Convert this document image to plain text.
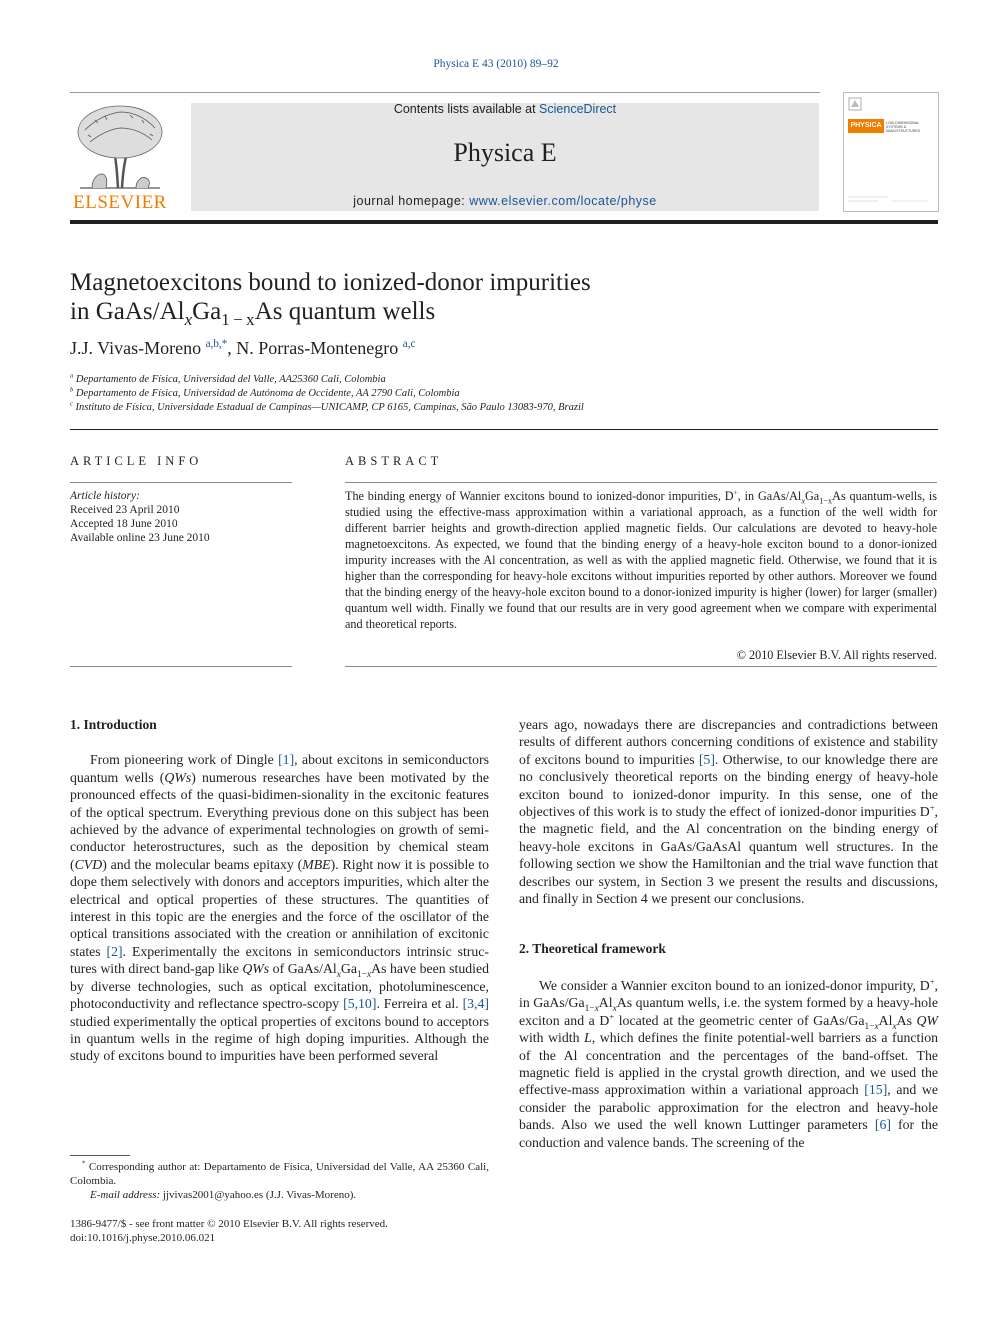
Physica E 43 (2010) 89–92
Contents lists available at ScienceDirect
Physica E
journal homepage: www.elsevier.com/locate/physe
ELSEVIER
PHYSICA	LOW-DIMENSIONAL SYSTEMS & NANOSTRUCTURES
Magnetoexcitons bound to ionized-donor impurities
in GaAs/$Al_xGa_{1 - x}As$ quantum wells
J.J. Vivas-Moreno $^{a,b,*}$, N. Porras-Montenegro $^{a,c}$
$^a$ Departamento de Física, Universidad del Valle, AA25360 Cali, Colombia
$^b$ Departamento de Física, Universidad de Autónoma de Occidente, AA 2790 Cali, Colombia
$^c$ Instituto de Física, Universidade Estadual de Campinas—UNICAMP, CP 6165, Campinas, São Paulo 13083-970, Brazil
ARTICLE INFO
Article history:
Received 23 April 2010
Accepted 18 June 2010
Available online 23 June 2010
ABSTRACT
The binding energy of Wannier excitons bound to ionized-donor impurities, D+, in GaAs/$Al_xGa_{1-x}As$ quantum-wells, is studied using the effective-mass approximation within a variational approach, as a function of the well width for different barrier heights and growth-direction applied magnetic fields. Our calculations are devoted to heavy-hole magnetoexcitons. As expected, we found that the binding energy of a heavy-hole exciton bound to a donor-ionized impurity increases with the Al concentration, as well as with the applied magnetic field. Otherwise, we found that it is higher than the corresponding for heavy-hole excitons without impurities reported by other authors. Moreover we found that the binding energy of the heavy-hole exciton bound to a donor-ionized impurity is higher (lower) for larger (smaller) quantum well width. Finally we found that our results are in very good agreement when we compare with experimental and theoretical reports.
© 2010 Elsevier B.V. All rights reserved.
1. Introduction

From pioneering work of Dingle [1], about excitons in semiconductors quantum wells (QWs) numerous researches have been motivated by the pronounced effects of the quasi-bidimen-sionality in the excitonic features of the optical spectrum. Everything previous done on this subject has been achieved by the advance of experimental technologies on growth of semi-conductor heterostructures, such as the deposition by chemical steam (CVD) and the molecular beams epitaxy (MBE). Right now it is possible to dope them selectively with donors and acceptors impurities, which alter the electrical and optical properties of these structures. The quantities of interest in this topic are the energies and the force of the oscillator of the optical transitions associated with the creation or annihilation of excitonic states [2]. Experimentally the excitons in semiconductors intrinsic struc-tures with direct band-gap like QWs of GaAs/$Al_xGa_{1-x}As$ have been studied by diverse technologies, such as optical excitation, photoluminescence, photoconductivity and reflectance spectro-scopy [5,10]. Ferreira et al. [3,4] studied experimentally the optical properties of excitons bound to acceptors in quantum wells in the regime of high doping impurities. Although the study of excitons bound to impurities have been performed several

years ago, nowadays there are discrepancies and contradictions between results of different authors concerning conditions of existence and stability of excitons bound to impurities [5]. Otherwise, to our knowledge there are no conclusively theoretical reports on the binding energy of heavy-hole exciton bound to ionized-donor impurity. In this sense, one of the objectives of this work is to study the effect of ionized-donor impurities D+, the magnetic field, and the Al concentration on the binding energy of heavy-hole excitons in GaAs/GaAsAl quantum well structures. In the following section we show the Hamiltonian and the trial wave function that describes our system, in Section 3 we present the results and discussions, and finally in Section 4 we present our conclusions.

2. Theoretical framework

We consider a Wannier exciton bound to an ionized-donor impurity, D+, in GaAs/$Ga_{1-x}Al_xAs$ quantum wells, i.e. the system formed by a heavy-hole exciton and a D+ located at the geometric center of GaAs/$Ga_{1-x}Al_xAs$ QW with width L, which defines the finite potential-well barriers as a function of the Al concentration and the percentages of the band-offset. The magnetic field is applied in the crystal growth direction, and we used the effective-mass approximation within a variational approach [15], and we consider the parabolic approximation for the electron and heavy-hole bands. Also we used the well known Luttinger parameters [6] for the conduction and valence bands. The screening of the

* Corresponding author at: Departamento de Física, Universidad del Valle, AA 25360 Cali, Colombia.
E-mail address: jjvivas2001@yahoo.es (J.J. Vivas-Moreno).
1386-9477/$ - see front matter © 2010 Elsevier B.V. All rights reserved.
doi:10.1016/j.physe.2010.06.021
